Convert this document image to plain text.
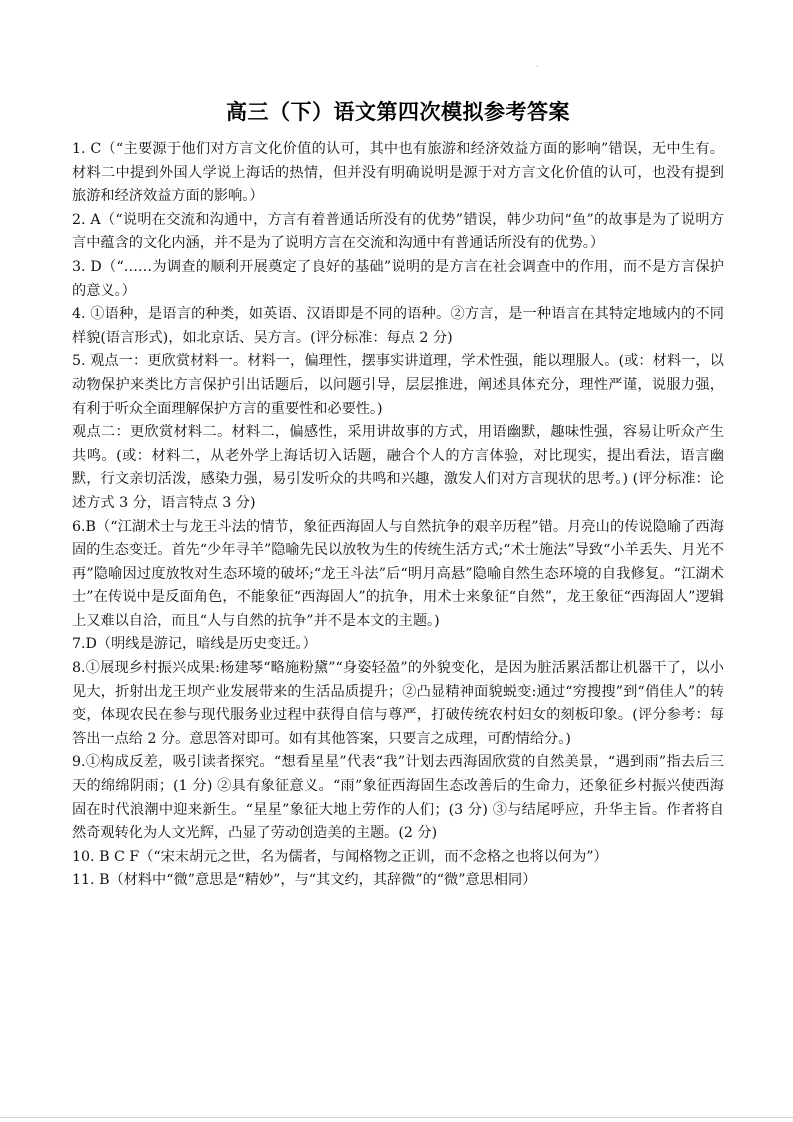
·
高三（下）语文第四次模拟参考答案

1. C（“主要源于他们对方言文化价值的认可，其中也有旅游和经济效益方面的影响”错误，无中生有。材料二中提到外国人学说上海话的热情，但并没有明确说明是源于对方言文化价值的认可，也没有提到旅游和经济效益方面的影响。）

2. A（“说明在交流和沟通中，方言有着普通话所没有的优势”错误，韩少功问“鱼”的故事是为了说明方言中蕴含的文化内涵，并不是为了说明方言在交流和沟通中有普通话所没有的优势。）

3. D（“……为调查的顺利开展奠定了良好的基础”说明的是方言在社会调查中的作用，而不是方言保护的意义。）

4. ①语种，是语言的种类，如英语、汉语即是不同的语种。②方言，是一种语言在其特定地域内的不同样貌(语言形式)，如北京话、吴方言。(评分标准：每点 2 分)

5. 观点一：更欣赏材料一。材料一，偏理性，摆事实讲道理，学术性强，能以理服人。(或：材料一，以动物保护来类比方言保护引出话题后，以问题引导，层层推进，阐述具体充分，理性严谨，说服力强，有利于听众全面理解保护方言的重要性和必要性。)

观点二：更欣赏材料二。材料二，偏感性，采用讲故事的方式，用语幽默，趣味性强，容易让听众产生共鸣。(或：材料二，从老外学上海话切入话题，融合个人的方言体验，对比现实，提出看法，语言幽默，行文亲切活泼，感染力强，易引发听众的共鸣和兴趣，激发人们对方言现状的思考。) (评分标准：论述方式 3 分，语言特点 3 分)

6.B（“江湖术士与龙王斗法的情节，象征西海固人与自然抗争的艰辛历程”错。月亮山的传说隐喻了西海固的生态变迁。首先“少年寻羊”隐喻先民以放牧为生的传统生活方式;“术士施法”导致“小羊丢失、月光不再”隐喻因过度放牧对生态环境的破坏;“龙王斗法”后“明月高悬”隐喻自然生态环境的自我修复。“江湖术士”在传说中是反面角色，不能象征“西海固人”的抗争，用术士来象征“自然”，龙王象征“西海固人”逻辑上又难以自洽，而且“人与自然的抗争”并不是本文的主题。)

7.D（明线是游记，暗线是历史变迁。）

8.①展现乡村振兴成果:杨建琴“略施粉黛”“身姿轻盈”的外貌变化，是因为脏活累活都让机器干了，以小见大，折射出龙王坝产业发展带来的生活品质提升；②凸显精神面貌蜕变:通过“穷搜搜”到“俏佳人”的转变，体现农民在参与现代服务业过程中获得自信与尊严，打破传统农村妇女的刻板印象。(评分参考：每答出一点给 2 分。意思答对即可。如有其他答案，只要言之成理，可酌情给分。)

9.①构成反差，吸引读者探究。“想看星星”代表“我”计划去西海固欣赏的自然美景，“遇到雨”指去后三天的绵绵阴雨；(1 分) ②具有象征意义。“雨”象征西海固生态改善后的生命力，还象征乡村振兴使西海固在时代浪潮中迎来新生。“星星”象征大地上劳作的人们；(3 分) ③与结尾呼应，升华主旨。作者将自然奇观转化为人文光辉，凸显了劳动创造美的主题。(2 分)

10. B C F（“宋末胡元之世，名为儒者，与闻格物之正训，而不念格之也将以何为”）

11. B（材料中“微”意思是“精妙”，与“其文约，其辞微”的“微”意思相同）
